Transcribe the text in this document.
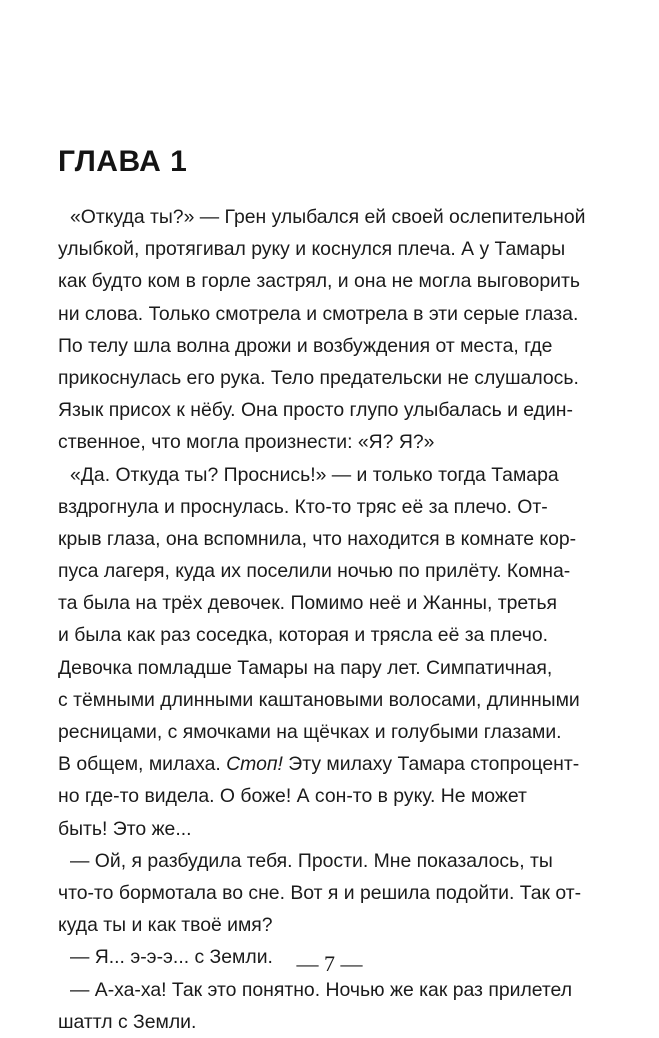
ГЛАВА 1
«Откуда ты?» — Грен улыбался ей своей ослепительной
улыбкой, протягивал руку и коснулся плеча. А у Тамары
как будто ком в горле застрял, и она не могла выговорить
ни слова. Только смотрела и смотрела в эти серые глаза.
По телу шла волна дрожи и возбуждения от места, где
прикоснулась его рука. Тело предательски не слушалось.
Язык присох к нёбу. Она просто глупо улыбалась и един-
ственное, что могла произнести: «Я? Я?»
«Да. Откуда ты? Проснись!» — и только тогда Тамара
вздрогнула и проснулась. Кто-то тряс её за плечо. От-
крыв глаза, она вспомнила, что находится в комнате кор-
пуса лагеря, куда их поселили ночью по прилёту. Комна-
та была на трёх девочек. Помимо неё и Жанны, третья
и была как раз соседка, которая и трясла её за плечо.
Девочка помладше Тамары на пару лет. Симпатичная,
с тёмными длинными каштановыми волосами, длинными
ресницами, с ямочками на щёчках и голубыми глазами.
В общем, милаха. Стоп! Эту милаху Тамара стопроцент-
но где-то видела. О боже! А сон-то в руку. Не может
быть! Это же...
— Ой, я разбудила тебя. Прости. Мне показалось, ты
что-то бормотала во сне. Вот я и решила подойти. Так от-
куда ты и как твоё имя?
— Я... э-э-э... с Земли.
— А-ха-ха! Так это понятно. Ночью же как раз прилетел
шаттл с Земли.
— 7 —
